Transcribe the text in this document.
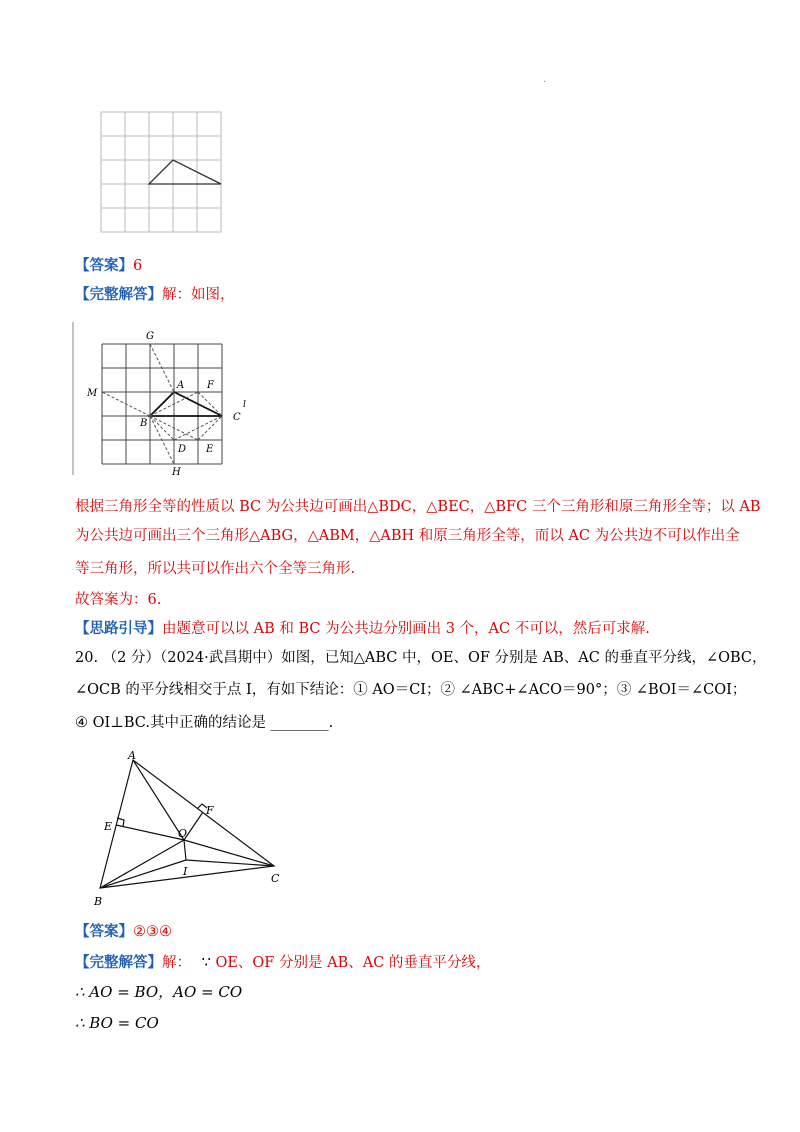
.
【答案】6
【完整解答】解：如图，
G
M
A F
B
C
D E
H
l
根据三角形全等的性质以 BC 为公共边可画出△BDC，△BEC，△BFC 三个三角形和原三角形全等；以 AB
为公共边可画出三个三角形△ABG，△ABM，△ABH 和原三角形全等，而以 AC 为公共边不可以作出全
等三角形，所以共可以作出六个全等三角形.
故答案为：6.
【思路引导】由题意可以以 AB 和 BC 为公共边分别画出 3 个，AC 不可以，然后可求解.
20. （2 分）（2024·武昌期中）如图，已知△ABC 中，OE、OF 分别是 AB、AC 的垂直平分线，∠OBC，
∠OCB 的平分线相交于点 I，有如下结论：① AO＝CI；② ∠ABC+∠ACO＝90°；③ ∠BOI＝∠COI；
④ OI⊥BC.其中正确的结论是 ________.
A
B
C
E
F
O
I
【答案】②③④
【完整解答】解： ∵ OE、OF 分别是 AB、AC 的垂直平分线，
∴ AO = BO，AO = CO
∴ BO = CO
